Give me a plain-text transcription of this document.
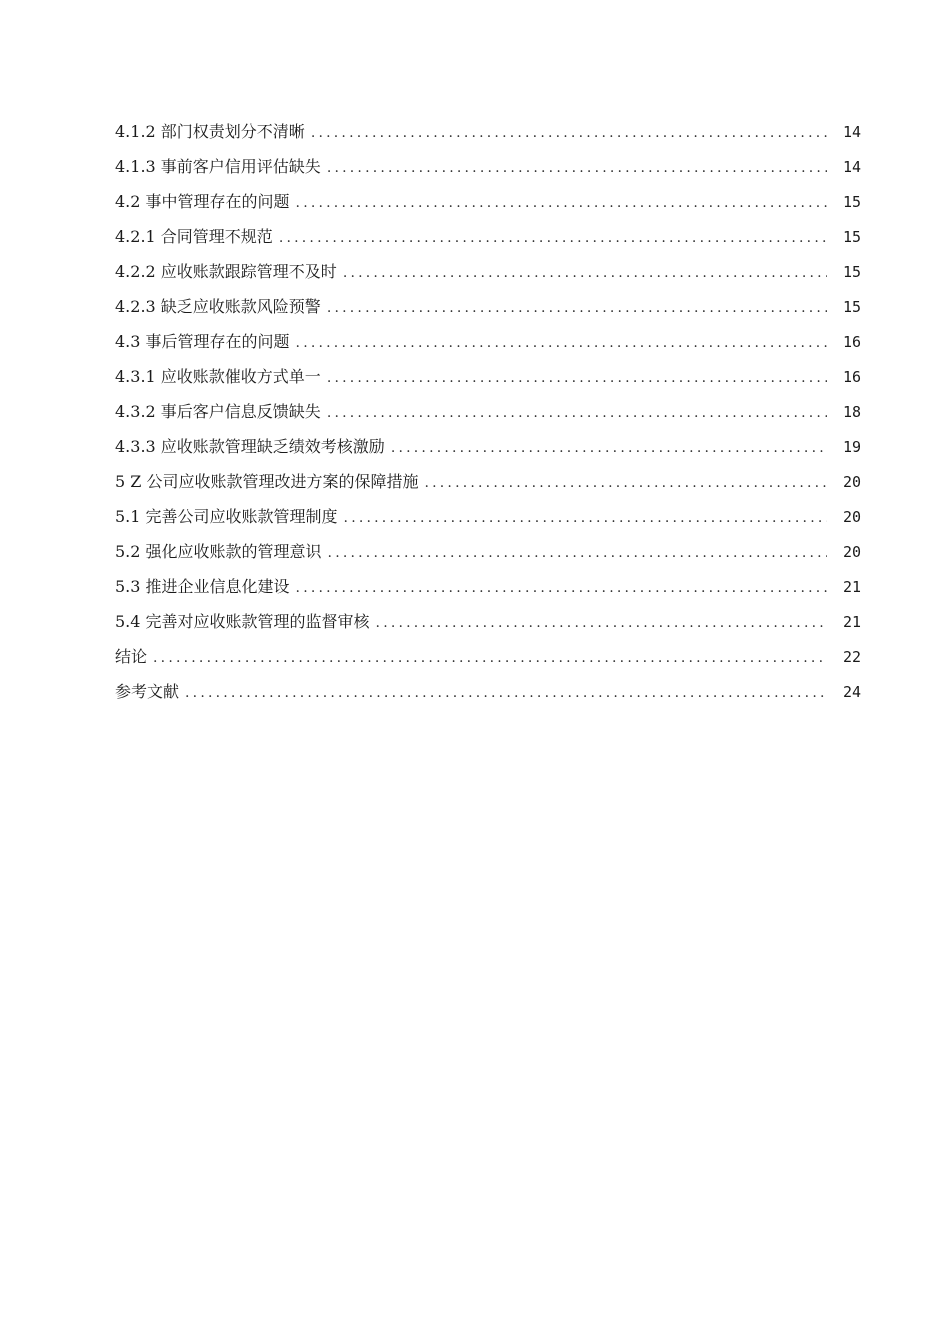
4.1.2 部门权责划分不清晰 .....	14
4.1.3 事前客户信用评估缺失 .....	14
4.2 事中管理存在的问题 .....	15
4.2.1 合同管理不规范 .....	15
4.2.2 应收账款跟踪管理不及时 .....	15
4.2.3 缺乏应收账款风险预警 .....	15
4.3 事后管理存在的问题 .....	16
4.3.1 应收账款催收方式单一 .....	16
4.3.2 事后客户信息反馈缺失 .....	18
4.3.3 应收账款管理缺乏绩效考核激励 .....	19
5 Z 公司应收账款管理改进方案的保障措施 .....	20
5.1 完善公司应收账款管理制度 .....	20
5.2 强化应收账款的管理意识 .....	20
5.3 推进企业信息化建设 .....	21
5.4 完善对应收账款管理的监督审核 .....	21
结论 .....	22
参考文献 .....	24
